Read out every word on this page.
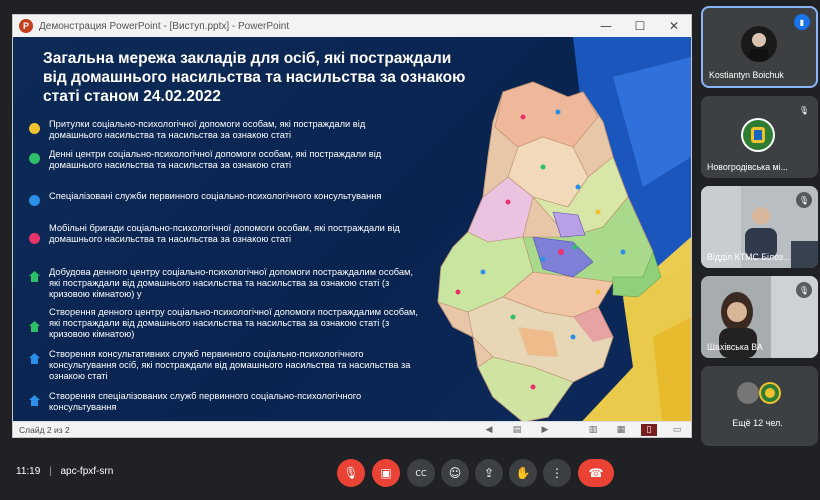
P	Демонстрация PowerPoint - [Виступ.pptx] - PowerPoint	—	☐	✕
Загальна мережа закладів для осіб, які постраждали
від домашнього насильства та насильства за ознакою
статі станом 24.02.2022
Притулки соціально-психологічної допомоги особам, які постраждали від домашнього насильства та насильства за ознакою статі
Денні центри соціально-психологічної допомоги особам, які постраждали від домашнього насильства та насильства за ознакою статі
Спеціалізовані служби первинного соціально-психологічного консультування
Мобільні бригади соціально-психологічної допомоги особам, які постраждали від домашнього насильства та насильства за ознакою статі
Добудова денного центру соціально-психологічної допомоги постраждалим особам, які постраждали від домашнього насильства та насильства за ознакою статі (з кризовою кімнатою) у
Створення денного центру соціально-психологічної допомоги постраждалим особам, які постраждали від домашнього насильства та насильства за ознакою статі (з кризовою кімнатою)
Створення консультативних служб первинного соціально-психологічного консультування осіб, які постраждали від домашнього насильства та насильства за ознакою статі
Створення спеціалізованих служб первинного соціально-психологічного консультування
Слайд 2 из 2	◀	▤	▶	▥	▦	▯	▭
▮
Kostiantyn Boichuk
🎙
Новогродівська мі...
🎙
Відділ КТМС Білоз...
🎙
Шахівська ВА
Ещё 12 чел.
11:19 | apc-fpxf-srn	🎙	▣	CC	☺	⇪	✋	⋮	☎
